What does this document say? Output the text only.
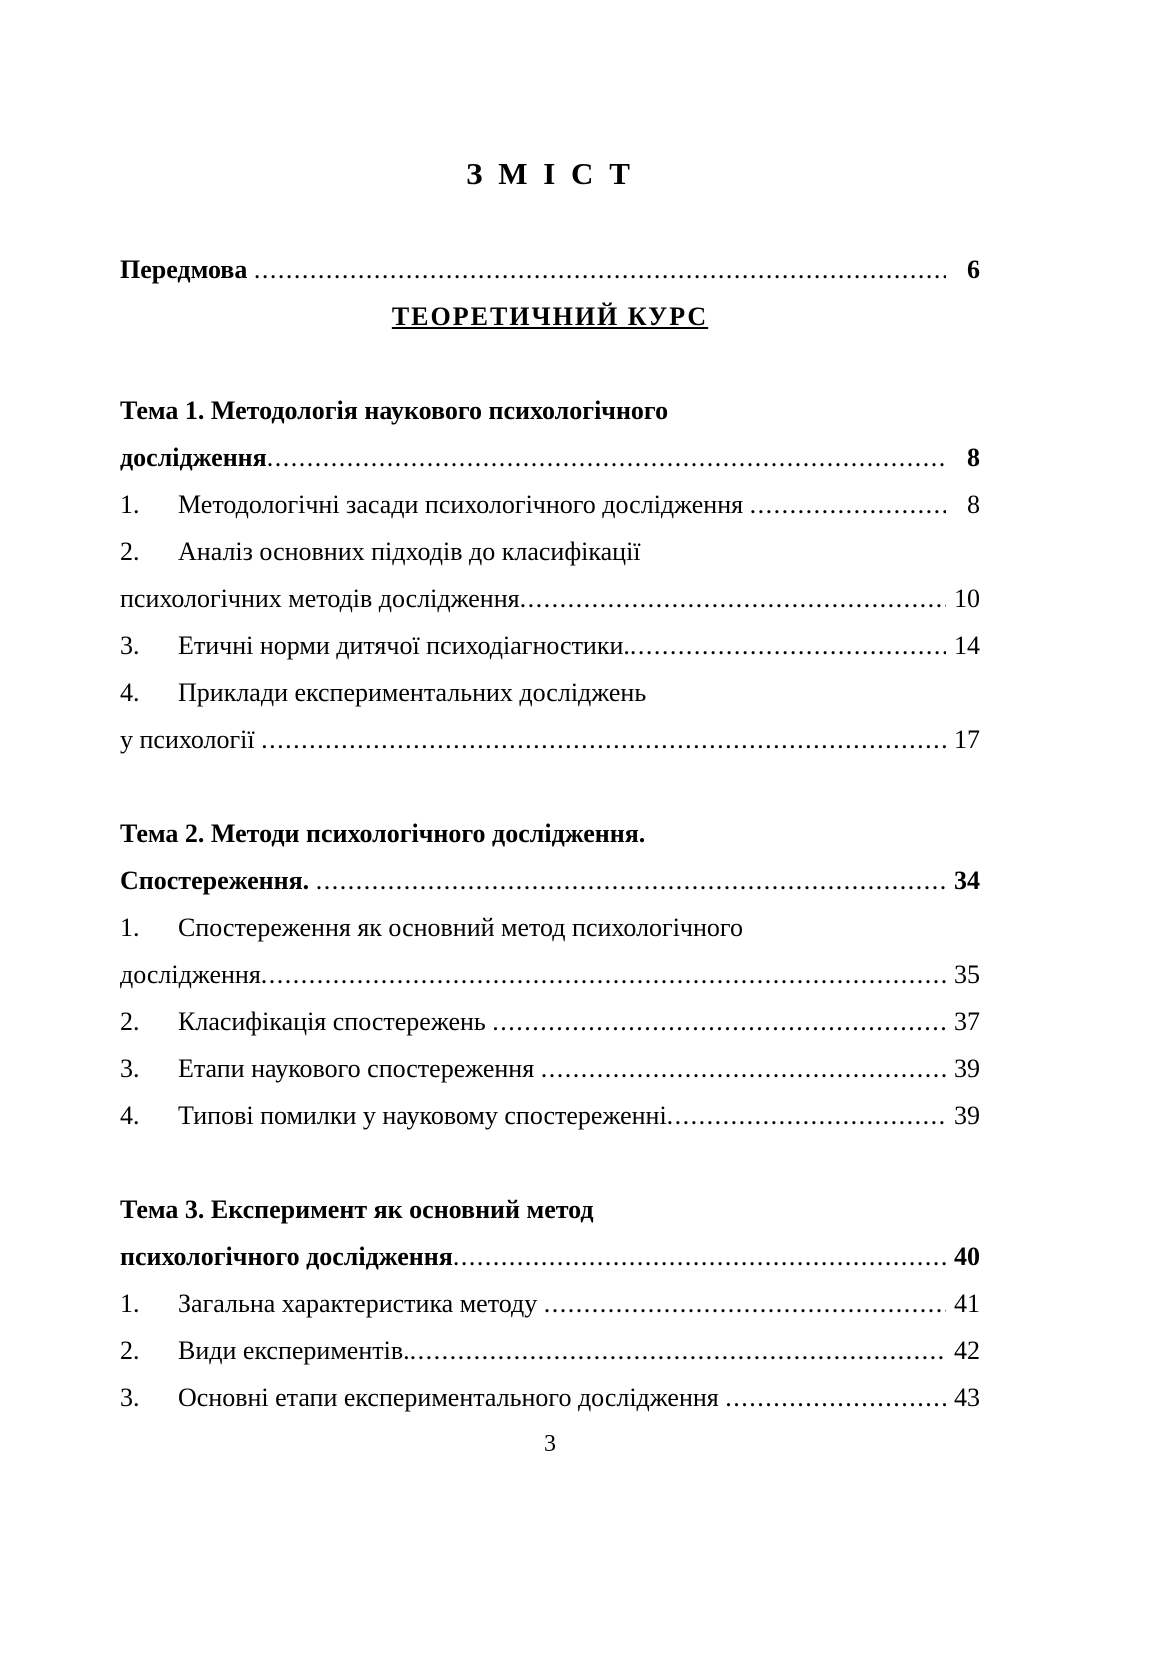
З М І С Т
Передмова .....	6
ТЕОРЕТИЧНИЙ КУРС
Тема 1. Методологія наукового психологічного
дослідження .....	8
1.	Методологічні засади психологічного дослідження .....	8
2.	Аналіз основних підходів до класифікації
психологічних методів дослідження .....	10
3.	Етичні норми дитячої психодіагностики. .....	14
4.	Приклади експериментальних досліджень
у психології .....	17
Тема 2. Методи психологічного дослідження.
Спостереження. .....	34
1.	Спостереження як основний метод психологічного
дослідження .....	35
2.	Класифікація спостережень .....	37
3.	Етапи наукового спостереження .....	39
4.	Типові помилки у науковому спостереженні .....	39
Тема 3. Експеримент як основний метод
психологічного дослідження .....	40
1.	Загальна характеристика методу .....	41
2.	Види експериментів. .....	42
3.	Основні етапи експериментального дослідження .....	43
3
